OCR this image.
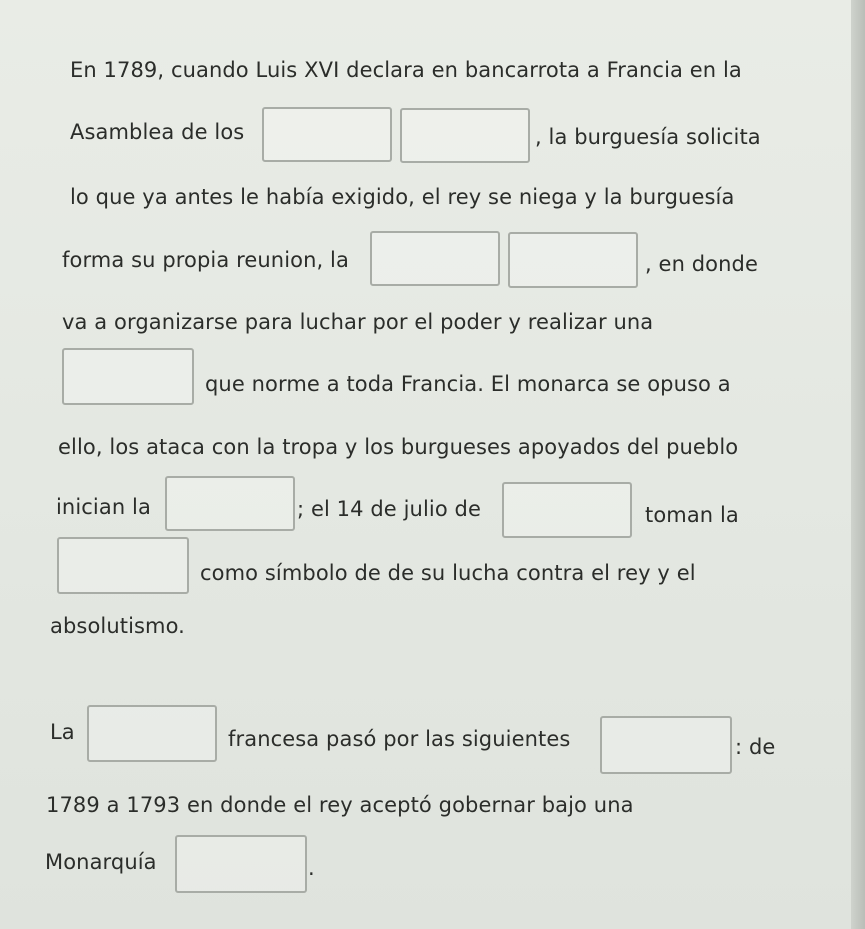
En 1789, cuando Luis XVI declara en bancarrota a Francia en la
Asamblea de los	, la burguesía solicita
lo que ya antes le había exigido, el rey se niega y la burguesía
forma su propia reunion, la	, en donde
va a organizarse para luchar por el poder y realizar una
que norme a toda Francia. El monarca se opuso a
ello, los ataca con la tropa y los burgueses apoyados del pueblo
inician la	; el 14 de julio de	toman la
como símbolo de de su lucha contra el rey y el
absolutismo.
La	francesa pasó por las siguientes	: de
1789 a 1793 en donde el rey aceptó gobernar bajo una
Monarquía	.
